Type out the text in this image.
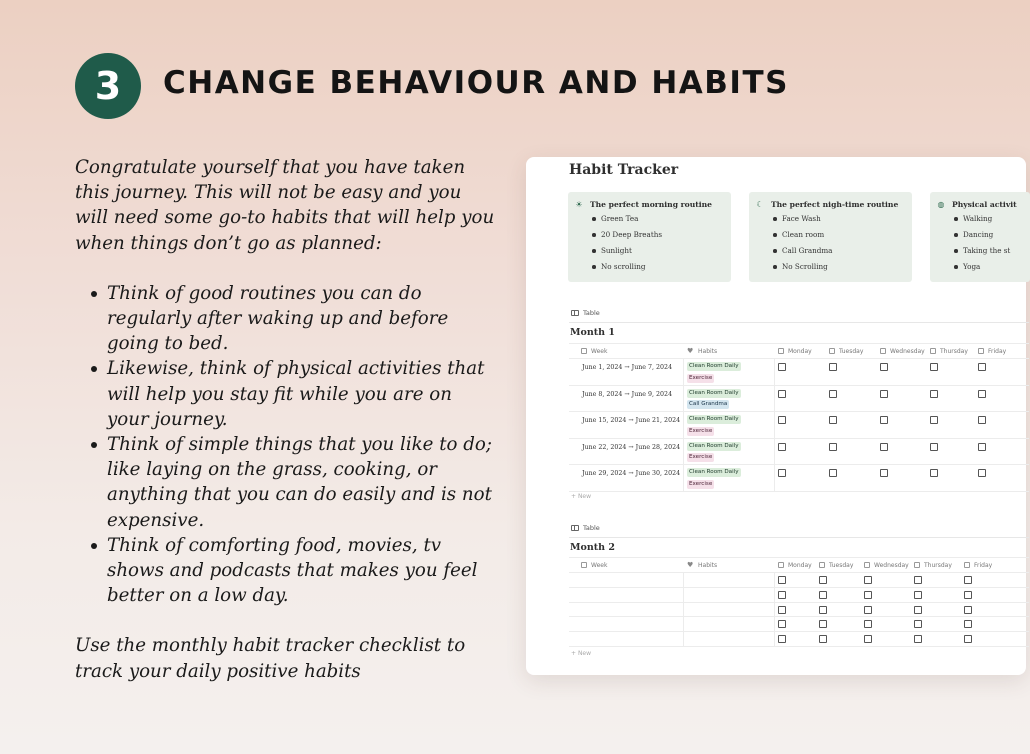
3 CHANGE BEHAVIOUR AND HABITS

Congratulate yourself that you have taken this journey. This will not be easy and you will need some go-to habits that will help you when things don’t go as planned:

Think of good routines you can do regularly after waking up and before going to bed.
Likewise, think of physical activities that will help you stay fit while you are on your journey.
Think of simple things that you like to do; like laying on the grass, cooking, or anything that you can do easily and is not expensive.
Think of comforting food, movies, tv shows and podcasts that makes you feel better on a low day.

Use the monthly habit tracker checklist to track your daily positive habits

Habit Tracker
☀ The perfect morning routine
Green Tea
20 Deep Breaths
Sunlight
No scrolling
☾ The perfect nigh-time routine
Face Wash
Clean room
Call Grandma
No Scrolling
◍ Physical activit
Walking
Dancing
Taking the st
Yoga
Table
Month 1
Week	♥ Habits	Monday	Tuesday	Wednesday	Thursday	Friday
June 1, 2024 → June 7, 2024	Clean Room Daily
Exercise
June 8, 2024 → June 9, 2024	Clean Room Daily
Call Grandma
June 15, 2024 → June 21, 2024	Clean Room Daily
Exercise
June 22, 2024 → June 28, 2024	Clean Room Daily
Exercise
June 29, 2024 → June 30, 2024	Clean Room Daily
Exercise
+ New
Table
Month 2
Week	♥ Habits	Monday	Tuesday	Wednesday	Thursday	Friday
+ New
